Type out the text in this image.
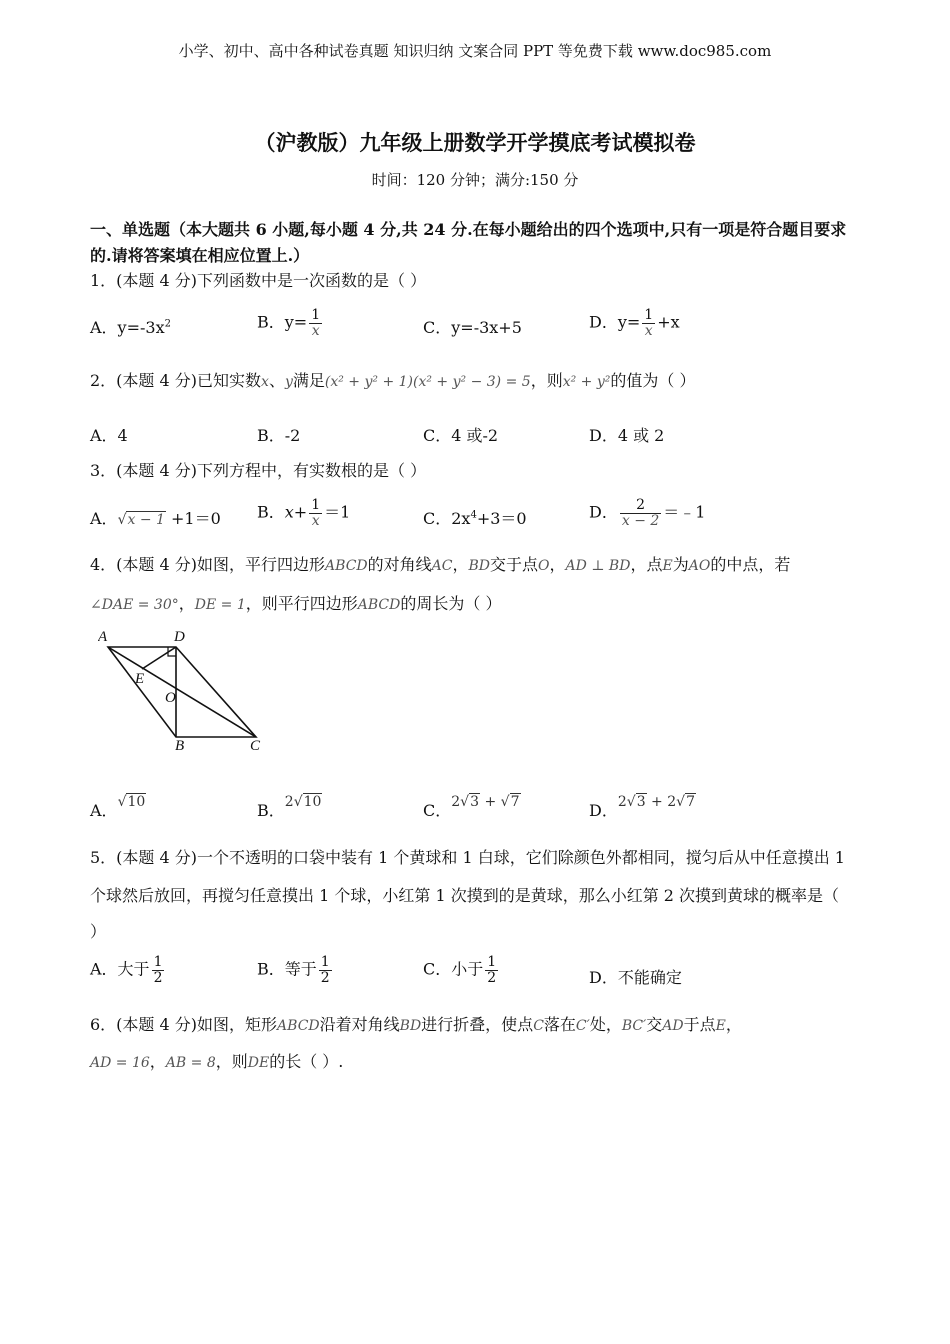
小学、初中、高中各种试卷真题 知识归纳 文案合同 PPT 等免费下载 www.doc985.com
（沪教版）九年级上册数学开学摸底考试模拟卷
时间：120 分钟；满分:150 分
一、单选题（本大题共 6 小题,每小题 4 分,共 24 分.在每小题给出的四个选项中,只有一项是符合题目要求
的.请将答案填在相应位置上.）
1．(本题 4 分)下列函数中是一次函数的是（ ）
A．$y=-3x^2$	B．$y= \frac{1}{x}$	C．y=-3x+5	D．$y= \frac{1}{x} +x$
2．(本题 4 分)已知实数x、y满足(x² + y² + 1)(x² + y² − 3) = 5，则x² + y²的值为（ ）
A．4	B．-2	C．4 或-2	D．4 或 2
3．(本题 4 分)下列方程中，有实数根的是（ ）
A．√x − 1 +1＝0 B．$x+ \frac{1}{x} =1$	C．$2x^4+3=0$	D． $\frac{2}{x - 2}$ ＝﹣1
4．(本题 4 分)如图，平行四边形ABCD的对角线AC，BD交于点O，AD ⊥ BD，点E为AO的中点，若
∠DAE = 30°，DE = 1，则平行四边形ABCD的周长为（ ）
A	D
E
O
B	C
A．√10	B．2√10	C．2√3 + √7	D．2√3 + 2√7
5．(本题 4 分)一个不透明的口袋中装有 1 个黄球和 1 白球，它们除颜色外都相同，搅匀后从中任意摸出 1
个球然后放回，再搅匀任意摸出 1 个球，小红第 1 次摸到的是黄球，那么小红第 2 次摸到黄球的概率是（
）
A．大于 $\frac{1}{2}$	B．等于 $\frac{1}{2}$	C．小于 $\frac{1}{2}$	D．不能确定
6．(本题 4 分)如图，矩形ABCD沿着对角线BD进行折叠，使点C落在C′处，BC′交AD于点E，
AD = 16，AB = 8，则DE的长（ ）.
